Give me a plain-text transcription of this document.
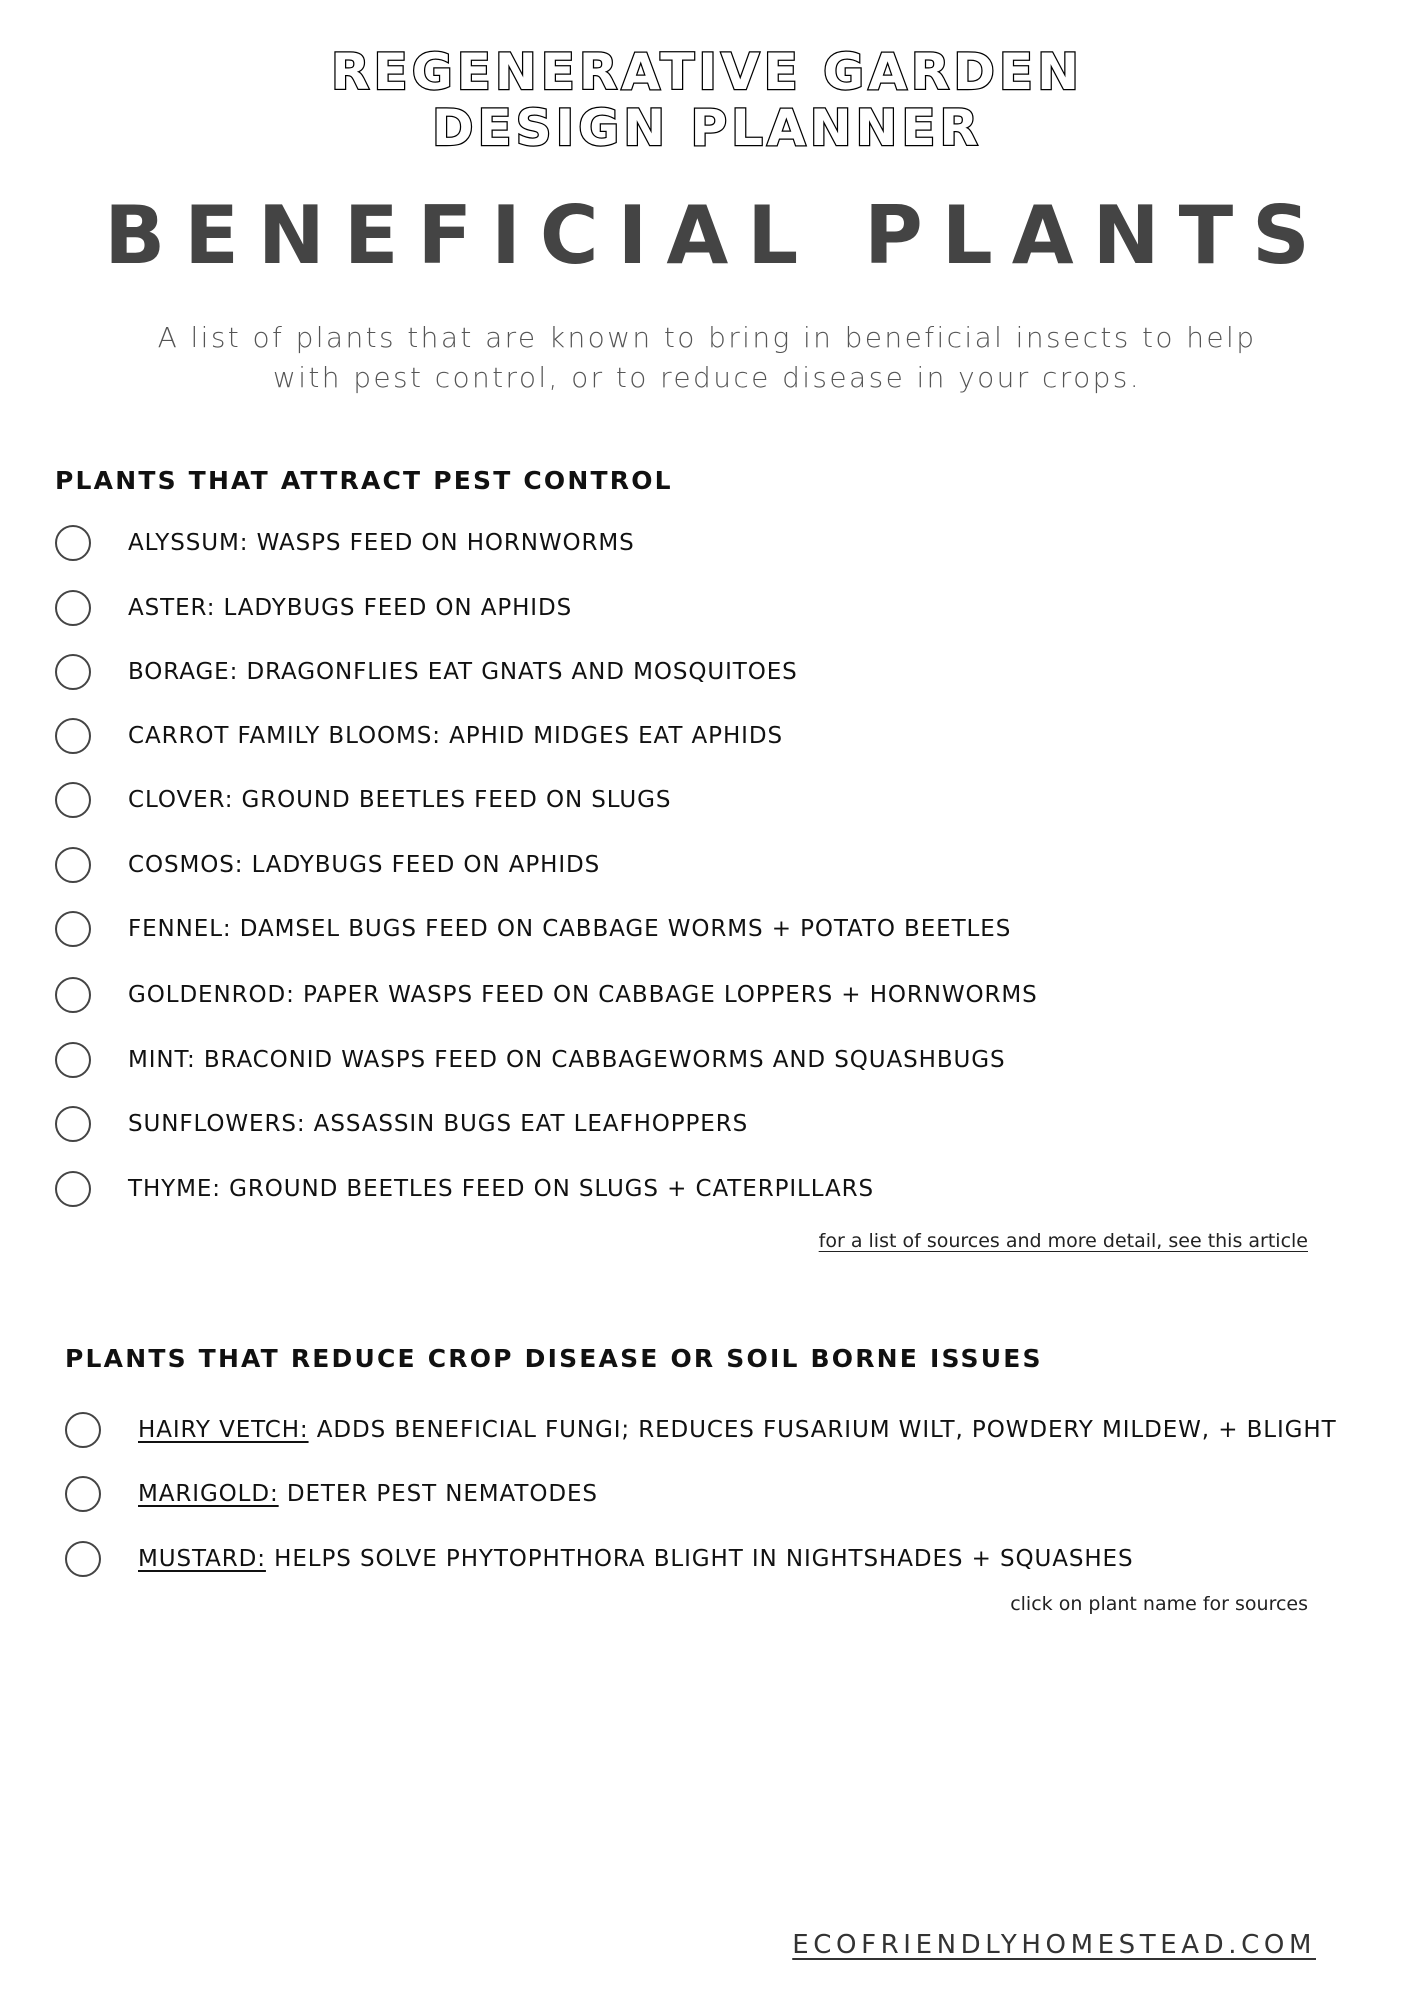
REGENERATIVE GARDEN
DESIGN PLANNER
BENEFICIAL PLANTS
A list of plants that are known to bring in beneficial insects to help
with pest control, or to reduce disease in your crops.
PLANTS THAT ATTRACT PEST CONTROL
ALYSSUM: WASPS FEED ON HORNWORMS
ASTER: LADYBUGS FEED ON APHIDS
BORAGE: DRAGONFLIES EAT GNATS AND MOSQUITOES
CARROT FAMILY BLOOMS: APHID MIDGES EAT APHIDS
CLOVER: GROUND BEETLES FEED ON SLUGS
COSMOS: LADYBUGS FEED ON APHIDS
FENNEL: DAMSEL BUGS FEED ON CABBAGE WORMS + POTATO BEETLES
GOLDENROD: PAPER WASPS FEED ON CABBAGE LOPPERS + HORNWORMS
MINT: BRACONID WASPS FEED ON CABBAGEWORMS AND SQUASHBUGS
SUNFLOWERS: ASSASSIN BUGS EAT LEAFHOPPERS
THYME: GROUND BEETLES FEED ON SLUGS + CATERPILLARS
for a list of sources and more detail, see this article
PLANTS THAT REDUCE CROP DISEASE OR SOIL BORNE ISSUES
HAIRY VETCH: ADDS BENEFICIAL FUNGI; REDUCES FUSARIUM WILT, POWDERY MILDEW, + BLIGHT
MARIGOLD: DETER PEST NEMATODES
MUSTARD: HELPS SOLVE PHYTOPHTHORA BLIGHT IN NIGHTSHADES + SQUASHES
click on plant name for sources
ECOFRIENDLYHOMESTEAD.COM
